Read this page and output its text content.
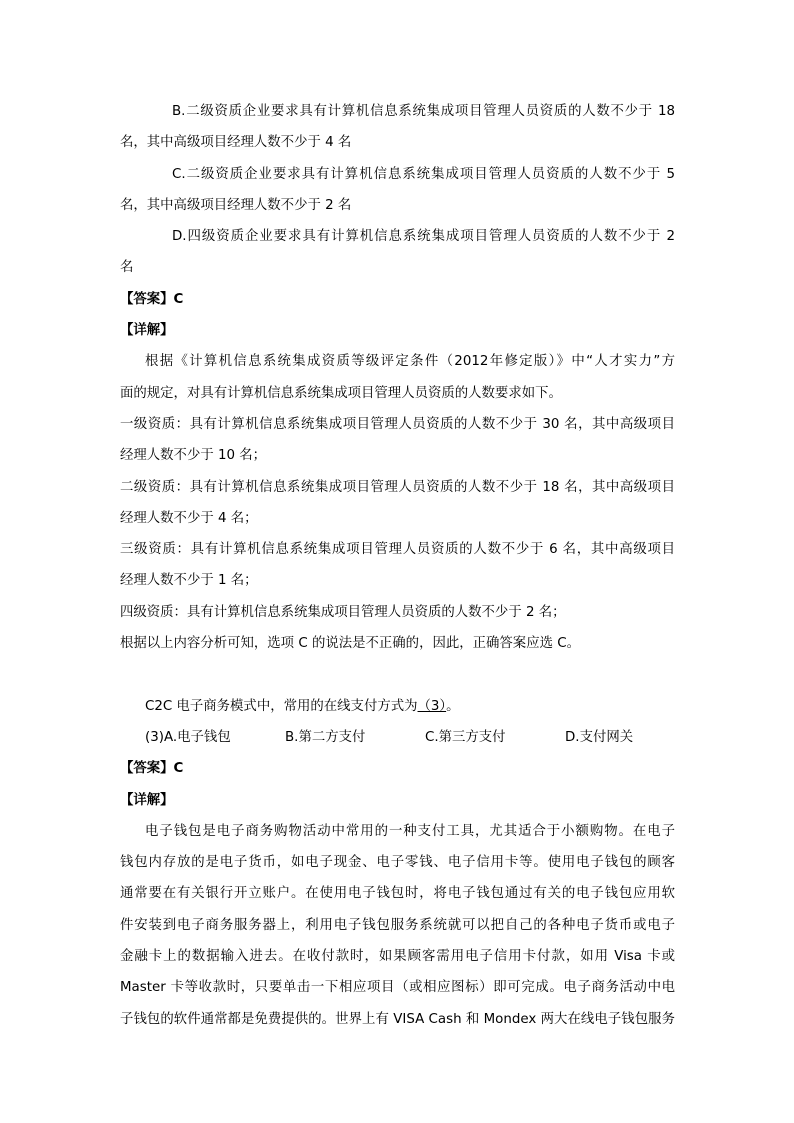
B.二级资质企业要求具有计算机信息系统集成项目管理人员资质的人数不少于 18
名，其中高级项目经理人数不少于 4 名
C.二级资质企业要求具有计算机信息系统集成项目管理人员资质的人数不少于 5
名，其中高级项目经理人数不少于 2 名
D.四级资质企业要求具有计算机信息系统集成项目管理人员资质的人数不少于 2
名
【答案】C
【详解】
根据《计算机信息系统集成资质等级评定条件（2012年修定版）》中“人才实力”方
面的规定，对具有计算机信息系统集成项目管理人员资质的人数要求如下。
一级资质：具有计算机信息系统集成项目管理人员资质的人数不少于 30 名，其中高级项目
经理人数不少于 10 名；
二级资质：具有计算机信息系统集成项目管理人员资质的人数不少于 18 名，其中高级项目
经理人数不少于 4 名；
三级资质：具有计算机信息系统集成项目管理人员资质的人数不少于 6 名，其中高级项目
经理人数不少于 1 名；
四级资质：具有计算机信息系统集成项目管理人员资质的人数不少于 2 名；
根据以上内容分析可知，选项 C 的说法是不正确的，因此，正确答案应选 C。
C2C 电子商务模式中，常用的在线支付方式为（3）。
(3)A.电子钱包	B.第二方支付	C.第三方支付	D.支付网关
【答案】C
【详解】
电子钱包是电子商务购物活动中常用的一种支付工具，尤其适合于小额购物。在电子
钱包内存放的是电子货币，如电子现金、电子零钱、电子信用卡等。使用电子钱包的顾客
通常要在有关银行开立账户。在使用电子钱包时，将电子钱包通过有关的电子钱包应用软
件安装到电子商务服务器上，利用电子钱包服务系统就可以把自己的各种电子货币或电子
金融卡上的数据输入进去。在收付款时，如果顾客需用电子信用卡付款，如用 Visa 卡或
Master 卡等收款时，只要单击一下相应项目（或相应图标）即可完成。电子商务活动中电
子钱包的软件通常都是免费提供的。世界上有 VISA Cash 和 Mondex 两大在线电子钱包服务
